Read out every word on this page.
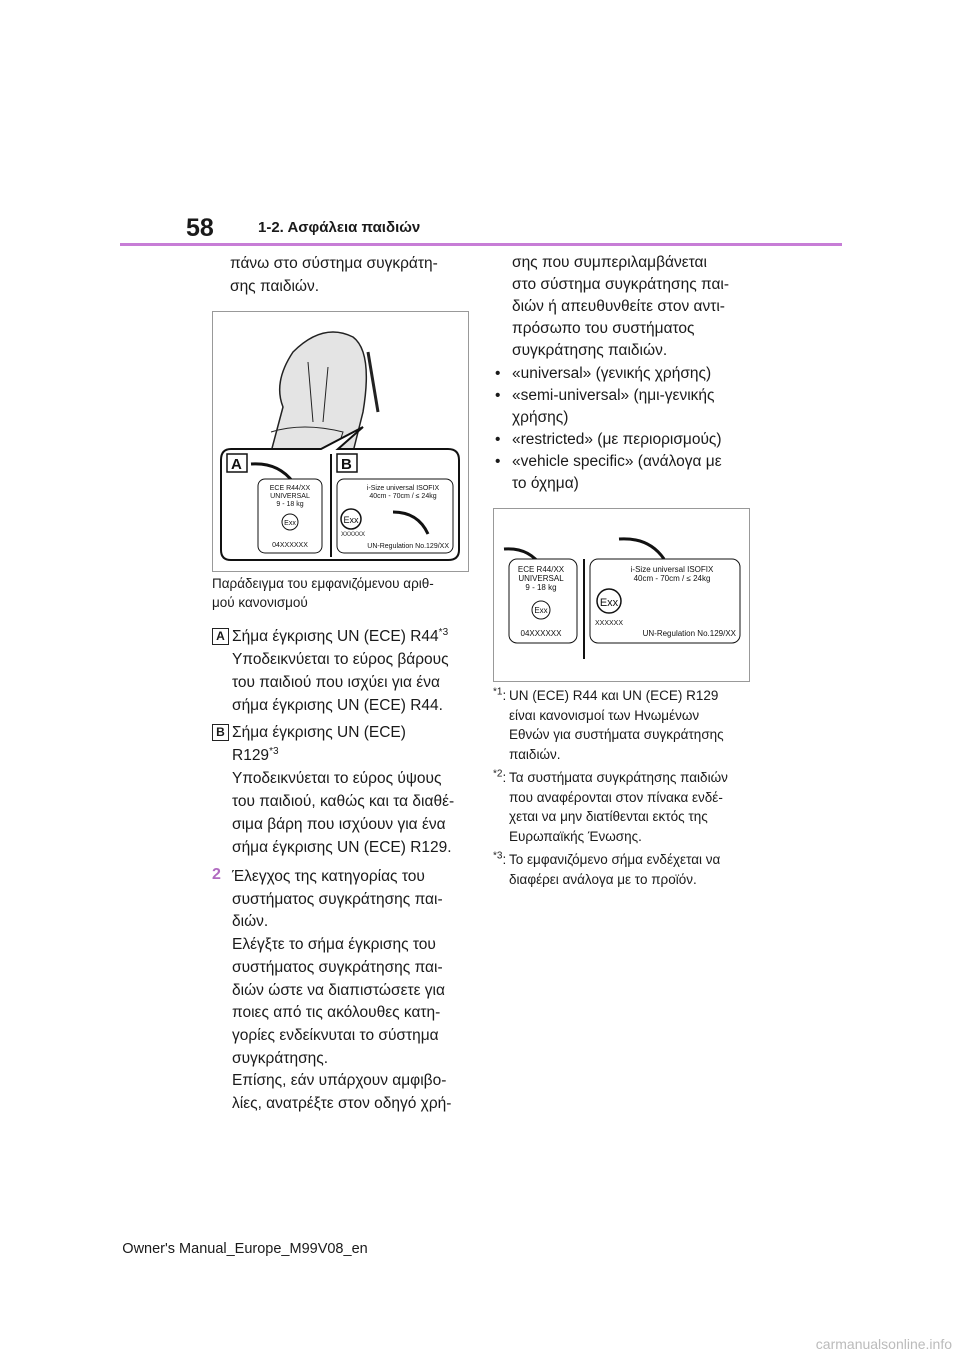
58	1-2. Ασφάλεια παιδιών
πάνω στο σύστημα συγκράτη-
σης παιδιών.
A	B
ECE R44/XX
UNIVERSAL
9 - 18 kg
Exx
04XXXXXX
i-Size universal ISOFIX
40cm - 70cm / ≤ 24kg
Exx
XXXXXX
UN-Regulation No.129/XX
Παράδειγμα του εμφανιζόμενου αριθ-
μού κανονισμού
A Σήμα έγκρισης UN (ECE) R44$^{*3}$
Υποδεικνύεται το εύρος βάρους
του παιδιού που ισχύει για ένα
σήμα έγκρισης UN (ECE) R44.
B Σήμα έγκρισης UN (ECE)
R129$^{*3}$
Υποδεικνύεται το εύρος ύψους
του παιδιού, καθώς και τα διαθέ-
σιμα βάρη που ισχύουν για ένα
σήμα έγκρισης UN (ECE) R129.
2 Έλεγχος της κατηγορίας του
συστήματος συγκράτησης παι-
διών.
Ελέγξτε το σήμα έγκρισης του
συστήματος συγκράτησης παι-
διών ώστε να διαπιστώσετε για
ποιες από τις ακόλουθες κατη-
γορίες ενδείκνυται το σύστημα
συγκράτησης.
Επίσης, εάν υπάρχουν αμφιβο-
λίες, ανατρέξτε στον οδηγό χρή-
σης που συμπεριλαμβάνεται
στο σύστημα συγκράτησης παι-
διών ή απευθυνθείτε στον αντι-
πρόσωπο του συστήματος
συγκράτησης παιδιών.
• «universal» (γενικής χρήσης)
• «semi-universal» (ημι-γενικής
χρήσης)
• «restricted» (με περιορισμούς)
• «vehicle specific» (ανάλογα με
το όχημα)
ECE R44/XX
UNIVERSAL
9 - 18 kg
Exx
04XXXXXX
i-Size universal ISOFIX
40cm - 70cm / ≤ 24kg
Exx
XXXXXX
UN-Regulation No.129/XX
$^{*1}$: UN (ECE) R44 και UN (ECE) R129
είναι κανονισμοί των Ηνωμένων
Εθνών για συστήματα συγκράτησης
παιδιών.
$^{*2}$: Τα συστήματα συγκράτησης παιδιών
που αναφέρονται στον πίνακα ενδέ-
χεται να μην διατίθενται εκτός της
Ευρωπαϊκής Ένωσης.
$^{*3}$: Το εμφανιζόμενο σήμα ενδέχεται να
διαφέρει ανάλογα με το προϊόν.
Owner's Manual_Europe_M99V08_en
carmanualsonline.info
